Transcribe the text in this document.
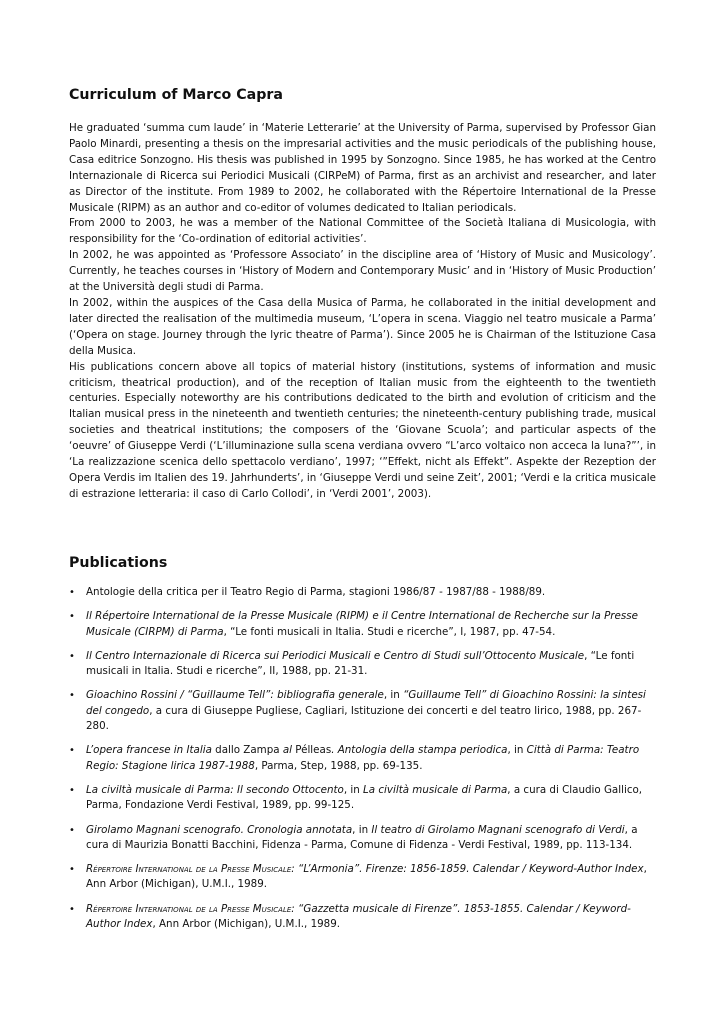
Curriculum of Marco Capra

He graduated ‘summa cum laude’ in ‘Materie Letterarie’ at the University of Parma, supervised by Professor Gian Paolo Minardi, presenting a thesis on the impresarial activities and the music periodicals of the publishing house, Casa editrice Sonzogno. His thesis was published in 1995 by Sonzogno. Since 1985, he has worked at the Centro Internazionale di Ricerca sui Periodici Musicali (CIRPeM) of Parma, first as an archivist and researcher, and later as Director of the institute. From 1989 to 2002, he collaborated with the Répertoire International de la Presse Musicale (RIPM) as an author and co-editor of volumes dedicated to Italian periodicals.

From 2000 to 2003, he was a member of the National Committee of the Società Italiana di Musicologia, with responsibility for the ‘Co-ordination of editorial activities’.

In 2002, he was appointed as ‘Professore Associato’ in the discipline area of ‘History of Music and Musicology’. Currently, he teaches courses in ‘History of Modern and Contemporary Music’ and in ‘History of Music Production’ at the Università degli studi di Parma.

In 2002, within the auspices of the Casa della Musica of Parma, he collaborated in the initial development and later directed the realisation of the multimedia museum, ‘L’opera in scena. Viaggio nel teatro musicale a Parma’ (‘Opera on stage. Journey through the lyric theatre of Parma’). Since 2005 he is Chairman of the Istituzione Casa della Musica.

His publications concern above all topics of material history (institutions, systems of information and music criticism, theatrical production), and of the reception of Italian music from the eighteenth to the twentieth centuries. Especially noteworthy are his contributions dedicated to the birth and evolution of criticism and the Italian musical press in the nineteenth and twentieth centuries; the nineteenth-century publishing trade, musical societies and theatrical institutions; the composers of the ‘Giovane Scuola’; and particular aspects of the ‘oeuvre’ of Giuseppe Verdi (‘L’illuminazione sulla scena verdiana ovvero “L’arco voltaico non acceca la luna?”’, in ‘La realizzazione scenica dello spettacolo verdiano’, 1997; ‘”Effekt, nicht als Effekt”. Aspekte der Rezeption der Opera Verdis im Italien des 19. Jahrhunderts’, in ‘Giuseppe Verdi und seine Zeit’, 2001; ‘Verdi e la critica musicale di estrazione letteraria: il caso di Carlo Collodi’, in ‘Verdi 2001’, 2003).

Publications
• Antologie della critica per il Teatro Regio di Parma, stagioni 1986/87 - 1987/88 - 1988/89.
• Il Répertoire International de la Presse Musicale (RIPM) e il Centre International de Recherche sur la Presse Musicale (CIRPM) di Parma, “Le fonti musicali in Italia. Studi e ricerche”, I, 1987, pp. 47-54.
• Il Centro Internazionale di Ricerca sui Periodici Musicali e Centro di Studi sull’Ottocento Musicale, “Le fonti musicali in Italia. Studi e ricerche”, II, 1988, pp. 21-31.
• Gioachino Rossini / “Guillaume Tell”: bibliografia generale, in “Guillaume Tell” di Gioachino Rossini: la sintesi del congedo, a cura di Giuseppe Pugliese, Cagliari, Istituzione dei concerti e del teatro lirico, 1988, pp. 267-280.
• L’opera francese in Italia dallo Zampa al Pélleas. Antologia della stampa periodica, in Città di Parma: Teatro Regio: Stagione lirica 1987-1988, Parma, Step, 1988, pp. 69-135.
• La civiltà musicale di Parma: Il secondo Ottocento, in La civiltà musicale di Parma, a cura di Claudio Gallico, Parma, Fondazione Verdi Festival, 1989, pp. 99-125.
• Girolamo Magnani scenografo. Cronologia annotata, in Il teatro di Girolamo Magnani scenografo di Verdi, a cura di Maurizia Bonatti Bacchini, Fidenza - Parma, Comune di Fidenza - Verdi Festival, 1989, pp. 113-134.
• Répertoire International de la Presse Musicale: “L’Armonia”. Firenze: 1856-1859. Calendar / Keyword-Author Index, Ann Arbor (Michigan), U.M.I., 1989.
• Répertoire International de la Presse Musicale: “Gazzetta musicale di Firenze”. 1853-1855. Calendar / Keyword-Author Index, Ann Arbor (Michigan), U.M.I., 1989.
